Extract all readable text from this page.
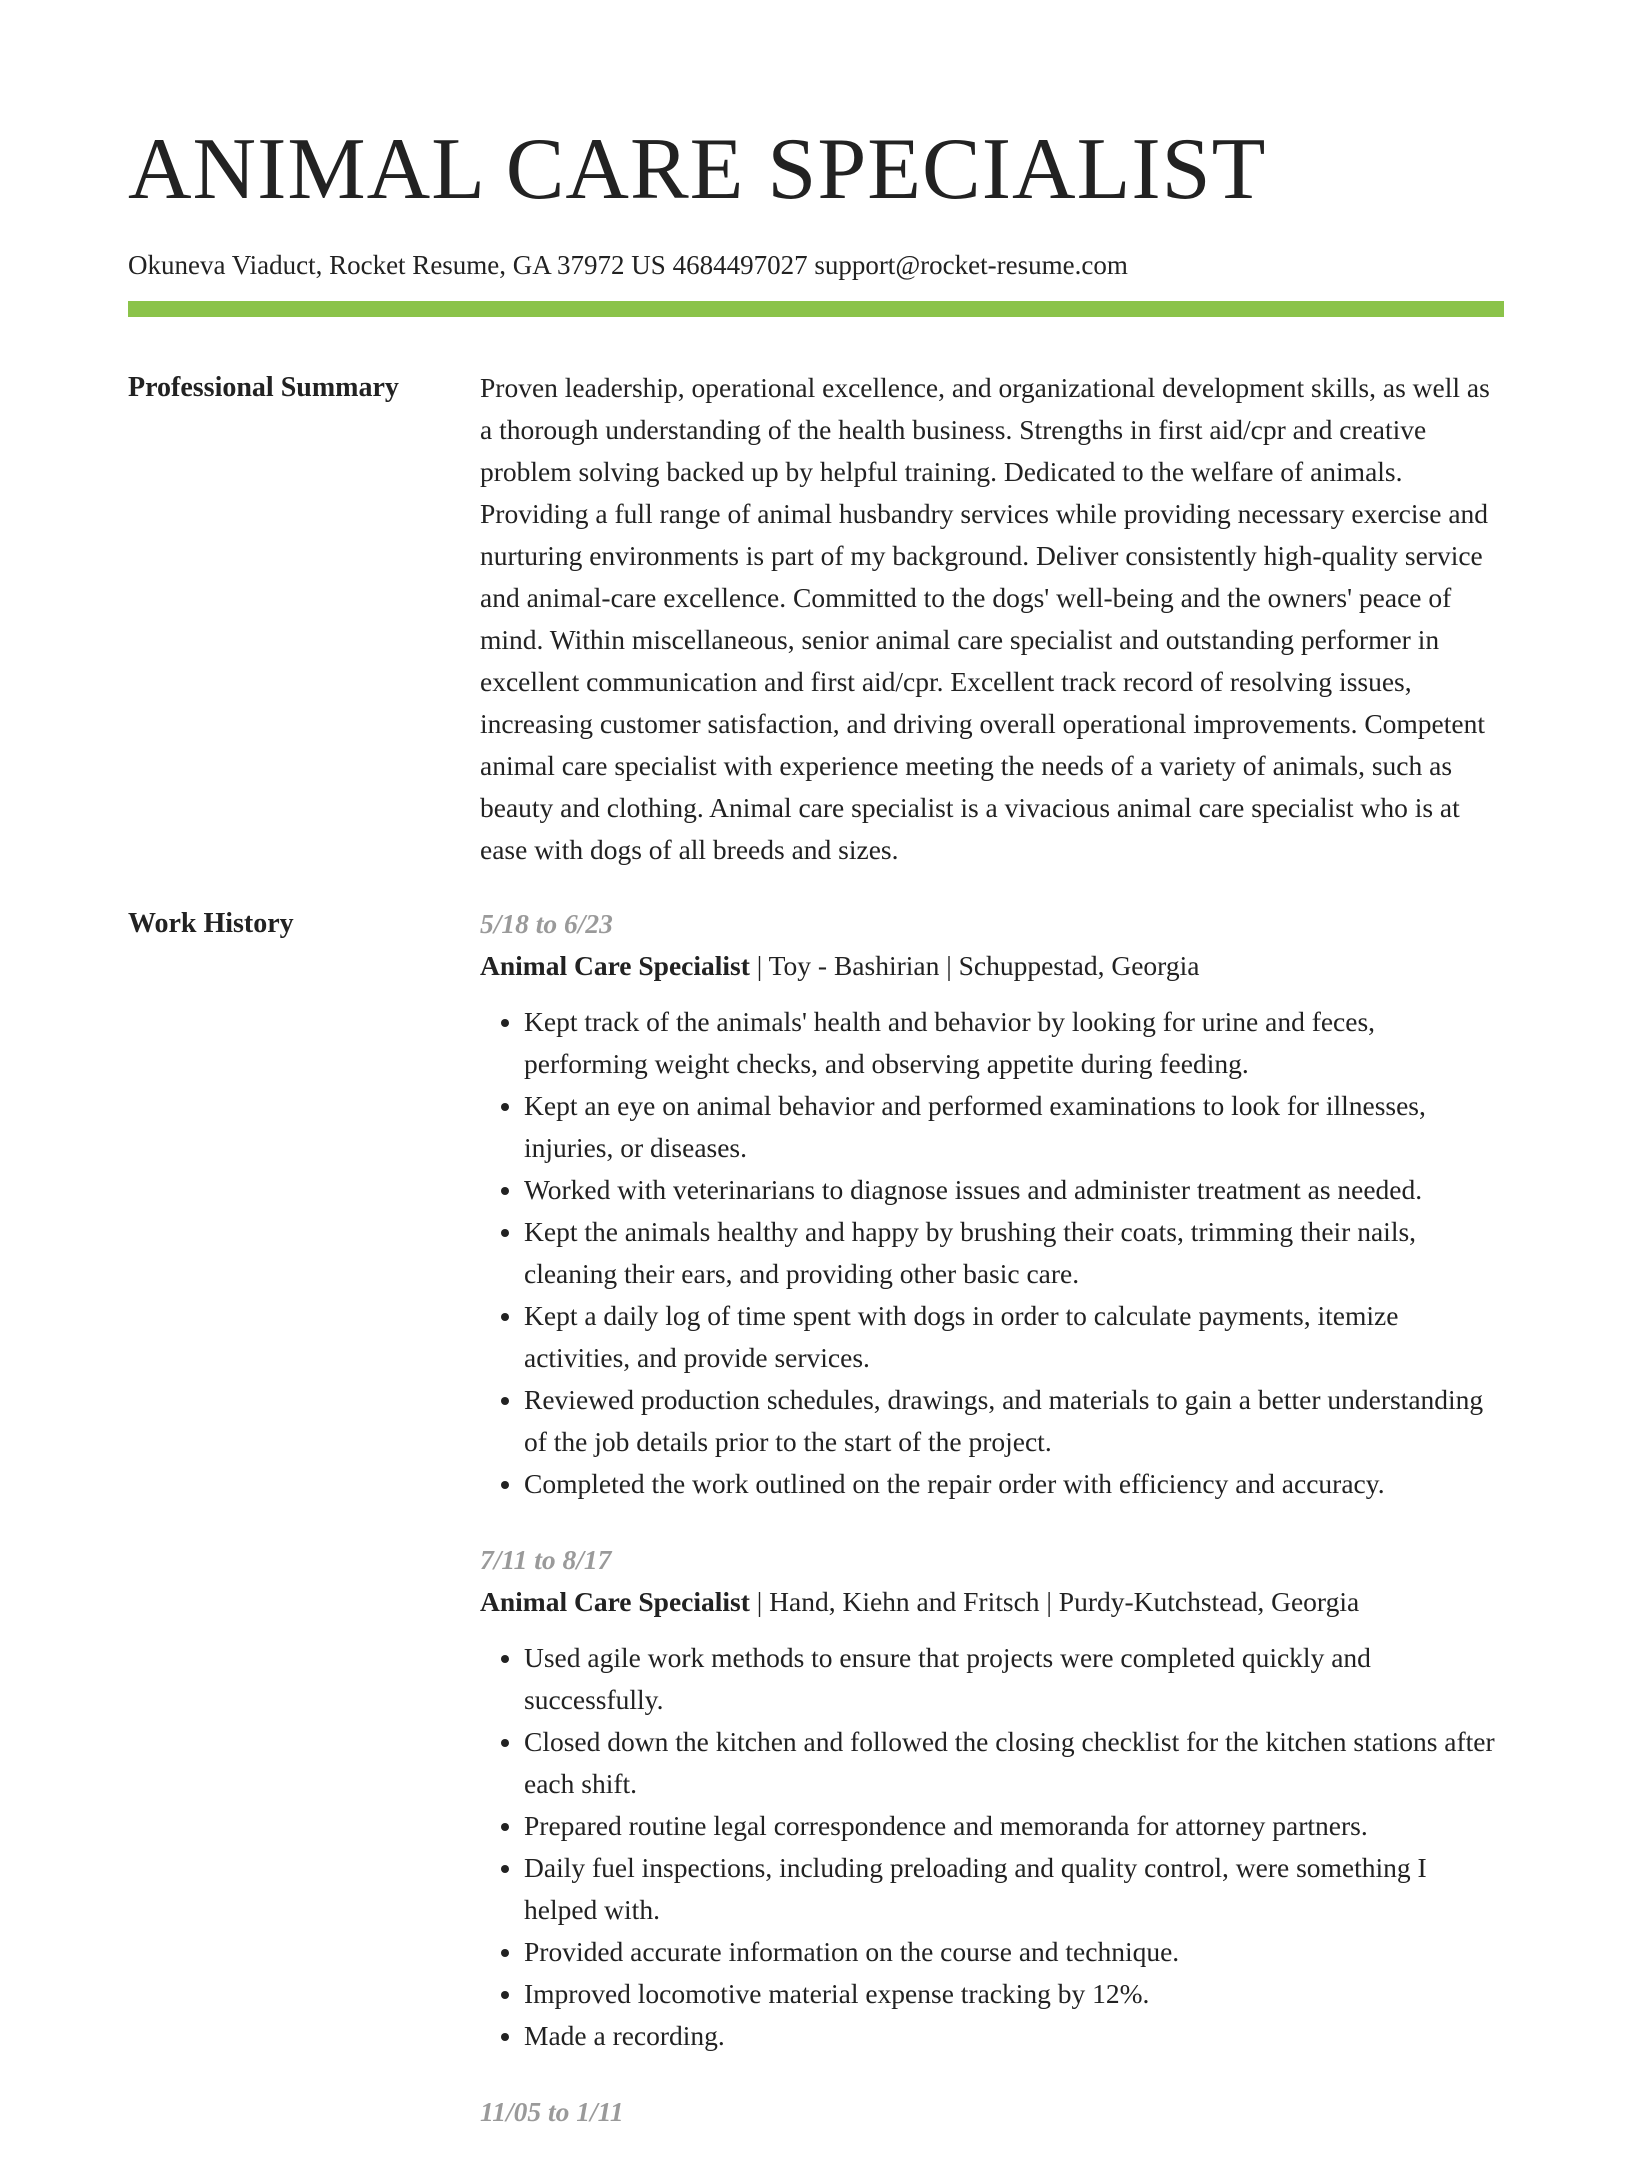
ANIMAL CARE SPECIALIST
Okuneva Viaduct, Rocket Resume, GA 37972 US 4684497027 support@rocket-resume.com
Professional Summary	Proven leadership, operational excellence, and organizational development skills, as well as a thorough understanding of the health business. Strengths in first aid/cpr and creative problem solving backed up by helpful training. Dedicated to the welfare of animals. Providing a full range of animal husbandry services while providing necessary exercise and nurturing environments is part of my background. Deliver consistently high-quality service and animal-care excellence. Committed to the dogs' well-being and the owners' peace of mind. Within miscellaneous, senior animal care specialist and outstanding performer in excellent communication and first aid/cpr. Excellent track record of resolving issues, increasing customer satisfaction, and driving overall operational improvements. Competent animal care specialist with experience meeting the needs of a variety of animals, such as beauty and clothing. Animal care specialist is a vivacious animal care specialist who is at ease with dogs of all breeds and sizes.

Work History	5/18 to 6/23
Animal Care Specialist | Toy - Bashirian | Schuppestad, Georgia
• Kept track of the animals' health and behavior by looking for urine and feces, performing weight checks, and observing appetite during feeding.
• Kept an eye on animal behavior and performed examinations to look for illnesses, injuries, or diseases.
• Worked with veterinarians to diagnose issues and administer treatment as needed.
• Kept the animals healthy and happy by brushing their coats, trimming their nails, cleaning their ears, and providing other basic care.
• Kept a daily log of time spent with dogs in order to calculate payments, itemize activities, and provide services.
• Reviewed production schedules, drawings, and materials to gain a better understanding of the job details prior to the start of the project.
• Completed the work outlined on the repair order with efficiency and accuracy.
7/11 to 8/17
Animal Care Specialist | Hand, Kiehn and Fritsch | Purdy-Kutchstead, Georgia
• Used agile work methods to ensure that projects were completed quickly and successfully.
• Closed down the kitchen and followed the closing checklist for the kitchen stations after each shift.
• Prepared routine legal correspondence and memoranda for attorney partners.
• Daily fuel inspections, including preloading and quality control, were something I helped with.
• Provided accurate information on the course and technique.
• Improved locomotive material expense tracking by 12%.
• Made a recording.
11/05 to 1/11
